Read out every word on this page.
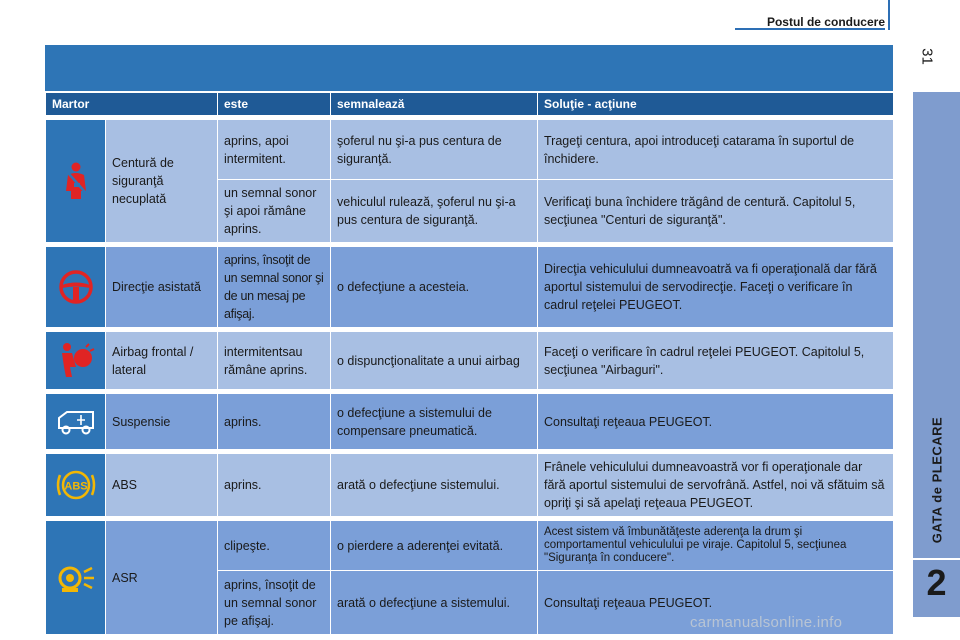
Postul de conducere
31
GATA de PLECARE
2
Martor		este	semnalează	Soluţie - acţiune

	Centură de siguranţă necuplată	aprins, apoi intermitent.	şoferul nu şi-a pus centura de siguranţă.	Trageţi centura, apoi introduceţi catarama în suportul de închidere.
		un semnal sonor şi apoi rămâne aprins.	vehiculul rulează, şoferul nu şi-a pus centura de siguranţă.	Verificaţi buna închidere trăgând de centură. Capitolul 5, secţiunea "Centuri de siguranţă".

	Direcţie asistată	aprins, însoţit de un semnal sonor şi de un mesaj pe afişaj.	o defecţiune a acesteia.	Direcţia vehiculului dumneavoatră va fi operaţională dar fără aportul sistemului de servodirecţie. Faceţi o verificare în cadrul reţelei PEUGEOT.

	Airbag frontal / lateral	intermitentsau rămâne aprins.	o dispuncţionalitate a unui airbag	Faceţi o verificare în cadrul reţelei PEUGEOT. Capitolul 5, secţiunea "Airbaguri".

	Suspensie	aprins.	o defecţiune a sistemului de compensare pneumatică.	Consultaţi reţeaua PEUGEOT.

ABS	ABS	aprins.	arată o defecţiune sistemului.	Frânele vehiculului dumneavoastră vor fi operaţionale dar fără aportul sistemului de servofrână. Astfel, noi vă sfătuim să opriţi şi să apelaţi reţeaua PEUGEOT.

	ASR	clipeşte.	o pierdere a aderenţei evitată.	Acest sistem vă îmbunătăţeste aderenţa la drum şi comportamentul vehiculului pe viraje. Capitolul 5, secţiunea "Siguranţa în conducere".
		aprins, însoţit de un semnal sonor pe afişaj.	arată o defecţiune a sistemului.	Consultaţi reţeaua PEUGEOT.
carmanualsonline.info
